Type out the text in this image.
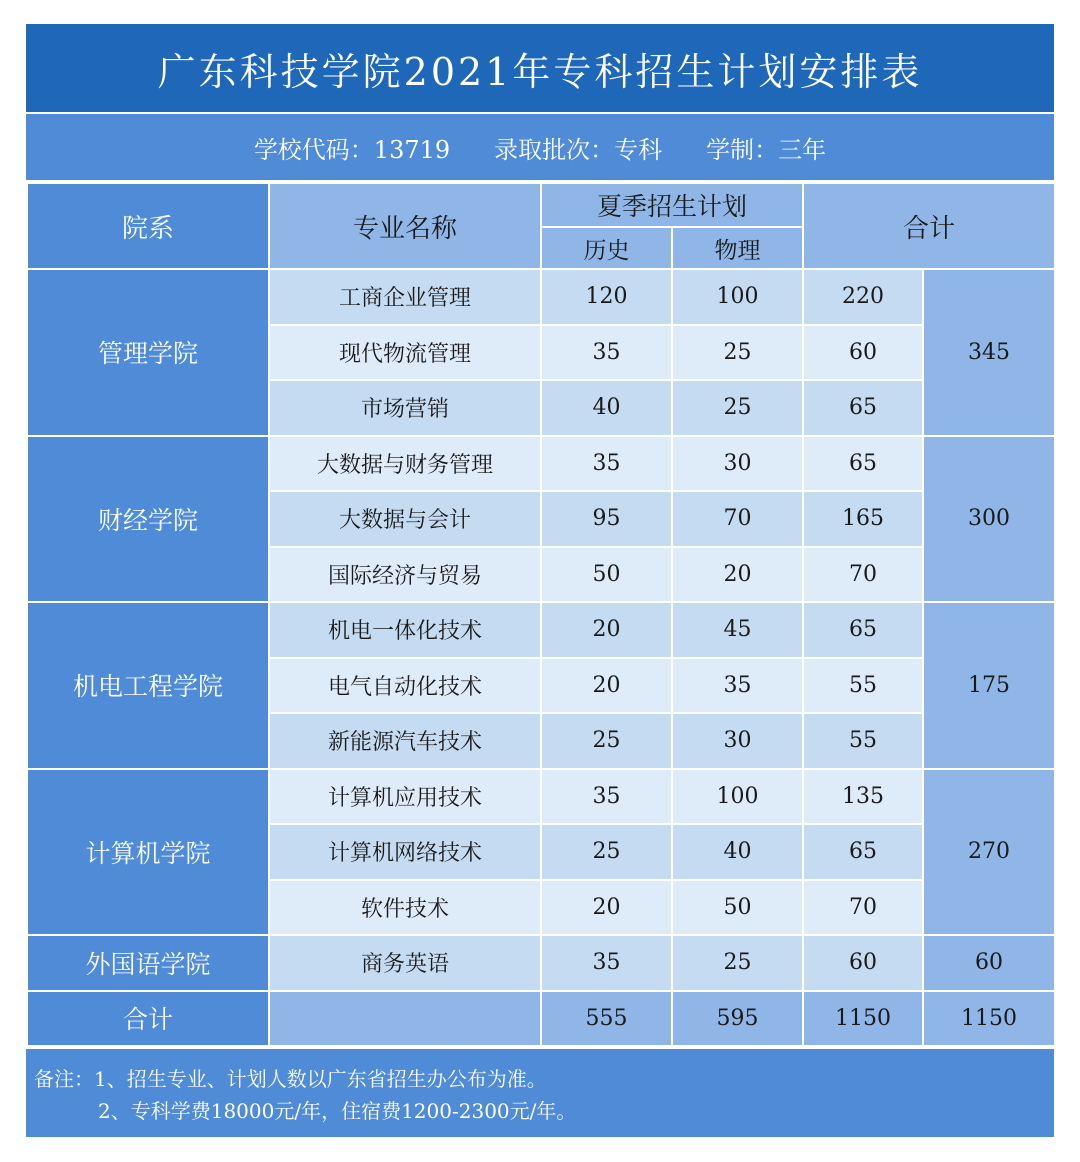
广东科技学院2021年专科招生计划安排表
学校代码：13719 录取批次：专科 学制：三年
院系	专业名称	夏季招生计划		合计	
		历史	物理		
管理学院	工商企业管理	120	100	220	345
	现代物流管理	35	25	60	
	市场营销	40	25	65	
财经学院	大数据与财务管理	35	30	65	300
	大数据与会计	95	70	165	
	国际经济与贸易	50	20	70	
机电工程学院	机电一体化技术	20	45	65	175
	电气自动化技术	20	35	55	
	新能源汽车技术	25	30	55	
计算机学院	计算机应用技术	35	100	135	270
	计算机网络技术	25	40	65	
	软件技术	20	50	70	
外国语学院	商务英语	35	25	60	60
合计		555	595	1150	1150
备注：1、招生专业、计划人数以广东省招生办公布为准。
2、专科学费18000元/年，住宿费1200-2300元/年。
